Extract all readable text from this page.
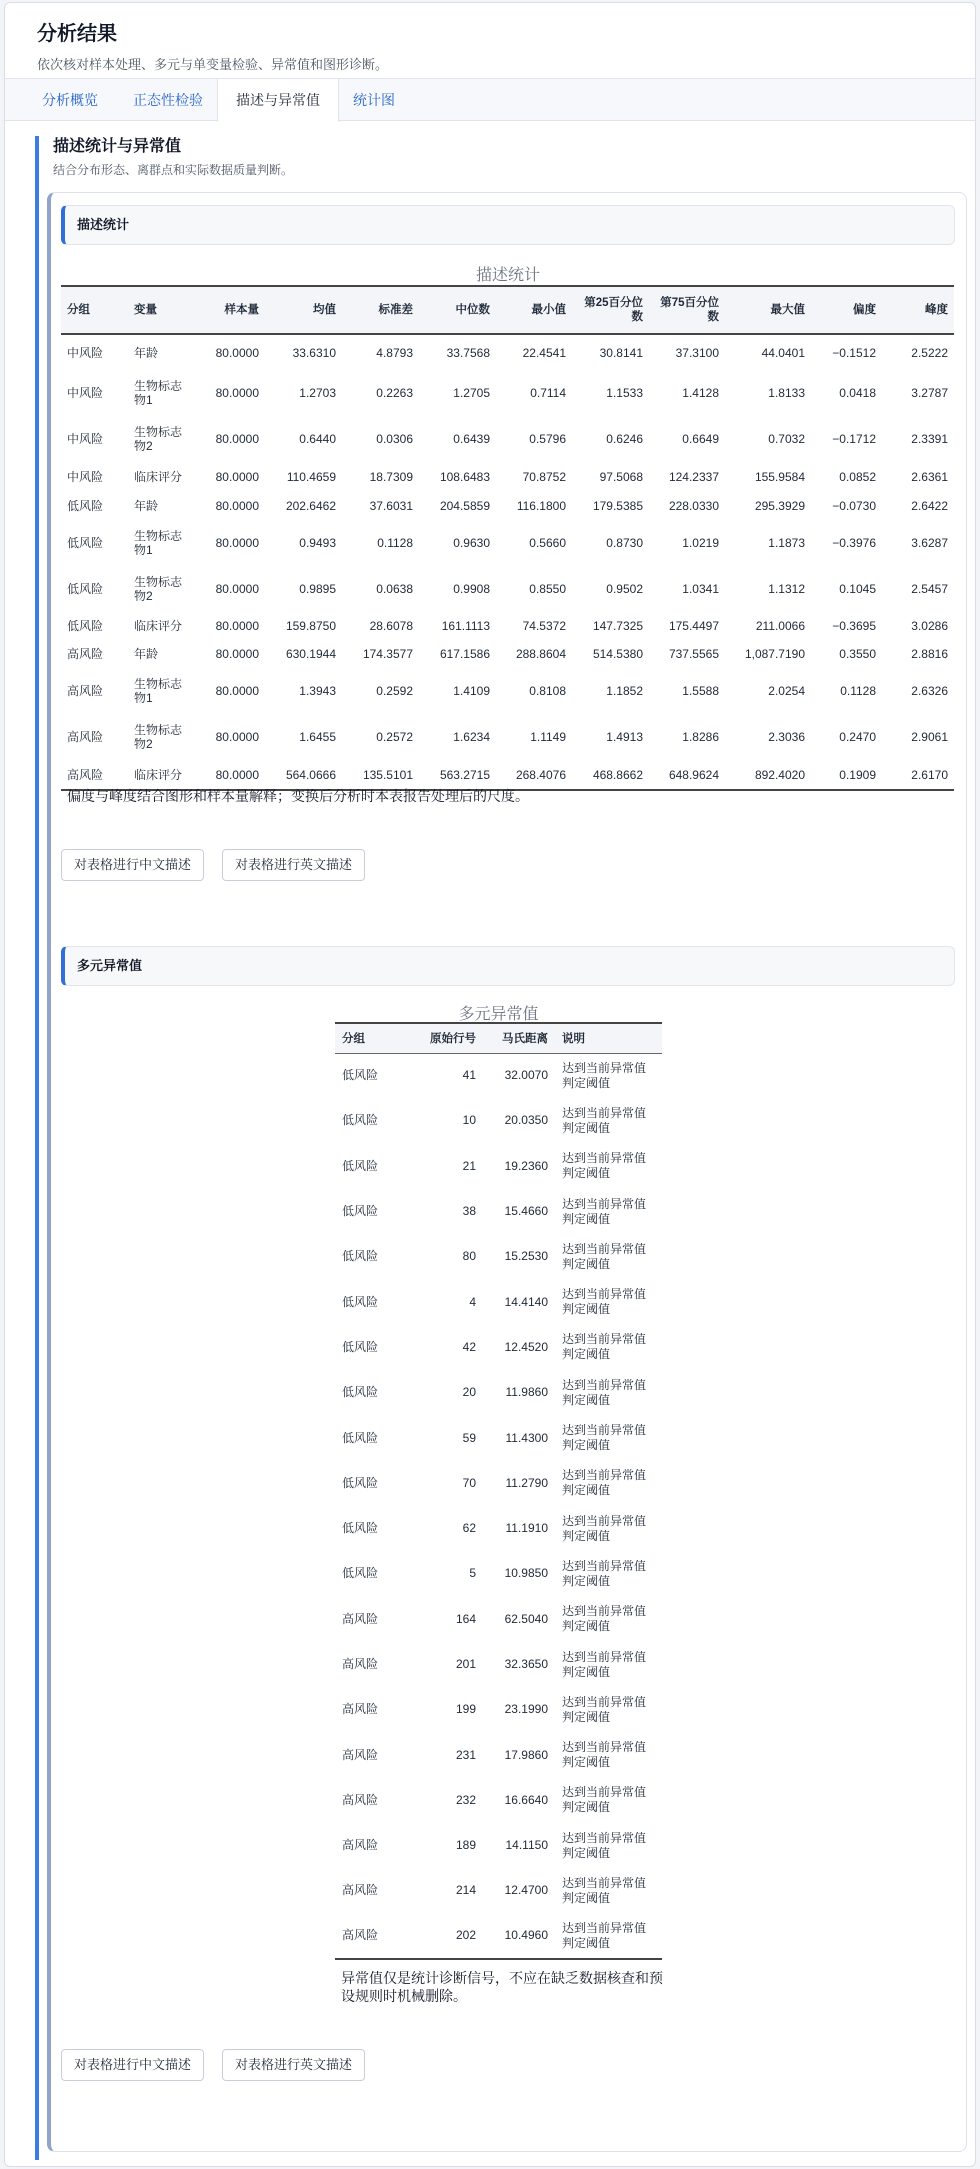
分析结果
依次核对样本处理、多元与单变量检验、异常值和图形诊断。
分析概览	正态性检验	描述与异常值	统计图
描述统计与异常值
结合分布形态、离群点和实际数据质量判断。
描述统计
描述统计
分组	变量	样本量	均值	标准差	中位数	最小值	第25百分位数	第75百分位数	最大值	偏度	峰度
中风险	年龄	80.0000	33.6310	4.8793	33.7568	22.4541	30.8141	37.3100	44.0401	−0.1512	2.5222
中风险	生物标志物1	80.0000	1.2703	0.2263	1.2705	0.7114	1.1533	1.4128	1.8133	0.0418	3.2787
中风险	生物标志物2	80.0000	0.6440	0.0306	0.6439	0.5796	0.6246	0.6649	0.7032	−0.1712	2.3391
中风险	临床评分	80.0000	110.4659	18.7309	108.6483	70.8752	97.5068	124.2337	155.9584	0.0852	2.6361
低风险	年龄	80.0000	202.6462	37.6031	204.5859	116.1800	179.5385	228.0330	295.3929	−0.0730	2.6422
低风险	生物标志物1	80.0000	0.9493	0.1128	0.9630	0.5660	0.8730	1.0219	1.1873	−0.3976	3.6287
低风险	生物标志物2	80.0000	0.9895	0.0638	0.9908	0.8550	0.9502	1.0341	1.1312	0.1045	2.5457
低风险	临床评分	80.0000	159.8750	28.6078	161.1113	74.5372	147.7325	175.4497	211.0066	−0.3695	3.0286
高风险	年龄	80.0000	630.1944	174.3577	617.1586	288.8604	514.5380	737.5565	1,087.7190	0.3550	2.8816
高风险	生物标志物1	80.0000	1.3943	0.2592	1.4109	0.8108	1.1852	1.5588	2.0254	0.1128	2.6326
高风险	生物标志物2	80.0000	1.6455	0.2572	1.6234	1.1149	1.4913	1.8286	2.3036	0.2470	2.9061
高风险	临床评分	80.0000	564.0666	135.5101	563.2715	268.4076	468.8662	648.9624	892.4020	0.1909	2.6170
偏度与峰度结合图形和样本量解释；变换后分析时本表报告处理后的尺度。
对表格进行中文描述	对表格进行英文描述
多元异常值
多元异常值
分组	原始行号	马氏距离	说明
低风险	41	32.0070	达到当前异常值判定阈值
低风险	10	20.0350	达到当前异常值判定阈值
低风险	21	19.2360	达到当前异常值判定阈值
低风险	38	15.4660	达到当前异常值判定阈值
低风险	80	15.2530	达到当前异常值判定阈值
低风险	4	14.4140	达到当前异常值判定阈值
低风险	42	12.4520	达到当前异常值判定阈值
低风险	20	11.9860	达到当前异常值判定阈值
低风险	59	11.4300	达到当前异常值判定阈值
低风险	70	11.2790	达到当前异常值判定阈值
低风险	62	11.1910	达到当前异常值判定阈值
低风险	5	10.9850	达到当前异常值判定阈值
高风险	164	62.5040	达到当前异常值判定阈值
高风险	201	32.3650	达到当前异常值判定阈值
高风险	199	23.1990	达到当前异常值判定阈值
高风险	231	17.9860	达到当前异常值判定阈值
高风险	232	16.6640	达到当前异常值判定阈值
高风险	189	14.1150	达到当前异常值判定阈值
高风险	214	12.4700	达到当前异常值判定阈值
高风险	202	10.4960	达到当前异常值判定阈值
异常值仅是统计诊断信号，不应在缺乏数据核查和预设规则时机械删除。
对表格进行中文描述	对表格进行英文描述
